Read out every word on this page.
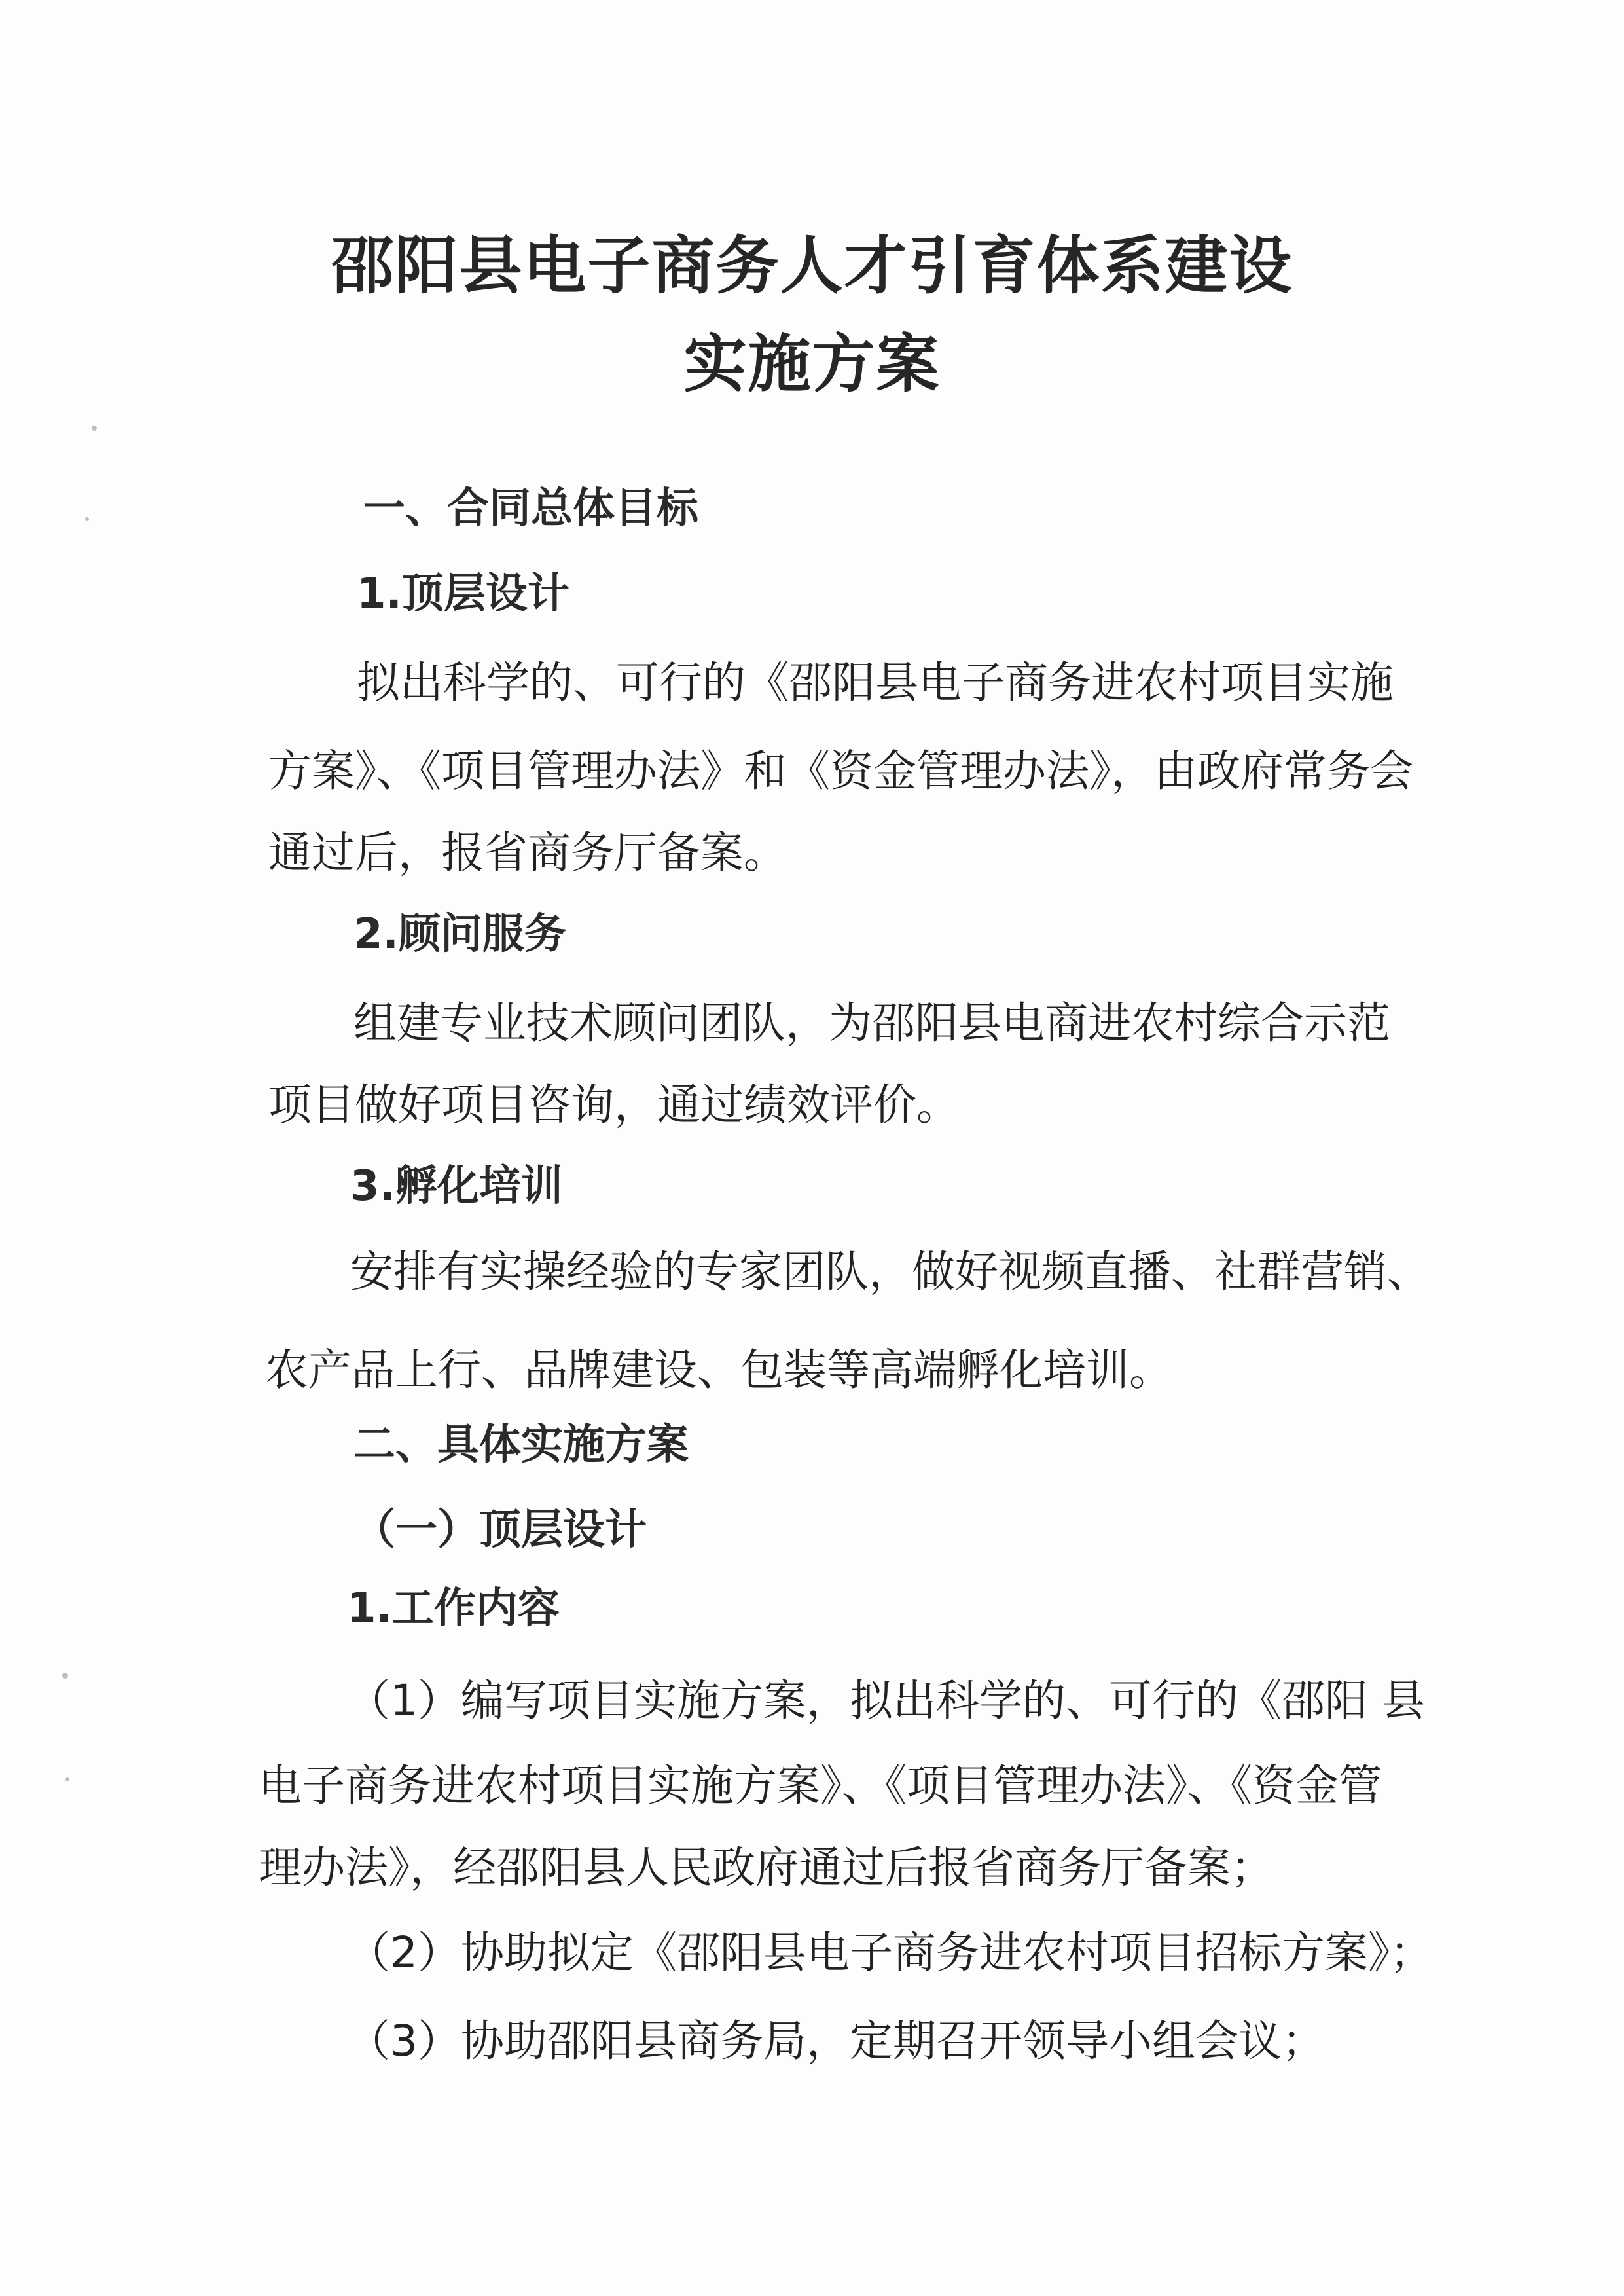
邵阳县电子商务人才引育体系建设
实施方案
一、合同总体目标
1.顶层设计
拟出科学的、可行的《邵阳县电子商务进农村项目实施
方案》、《项目管理办法》和《资金管理办法》，由政府常务会
通过后，报省商务厅备案。
2.顾问服务
组建专业技术顾问团队，为邵阳县电商进农村综合示范
项目做好项目咨询，通过绩效评价。
3.孵化培训
安排有实操经验的专家团队，做好视频直播、社群营销、
农产品上行、品牌建设、包装等高端孵化培训。
二、具体实施方案
（一）顶层设计
1.工作内容
（1）编写项目实施方案，拟出科学的、可行的《邵阳 县
电子商务进农村项目实施方案》、《项目管理办法》、《资金管
理办法》，经邵阳县人民政府通过后报省商务厅备案；
（2）协助拟定《邵阳县电子商务进农村项目招标方案》；
（3）协助邵阳县商务局，定期召开领导小组会议；
